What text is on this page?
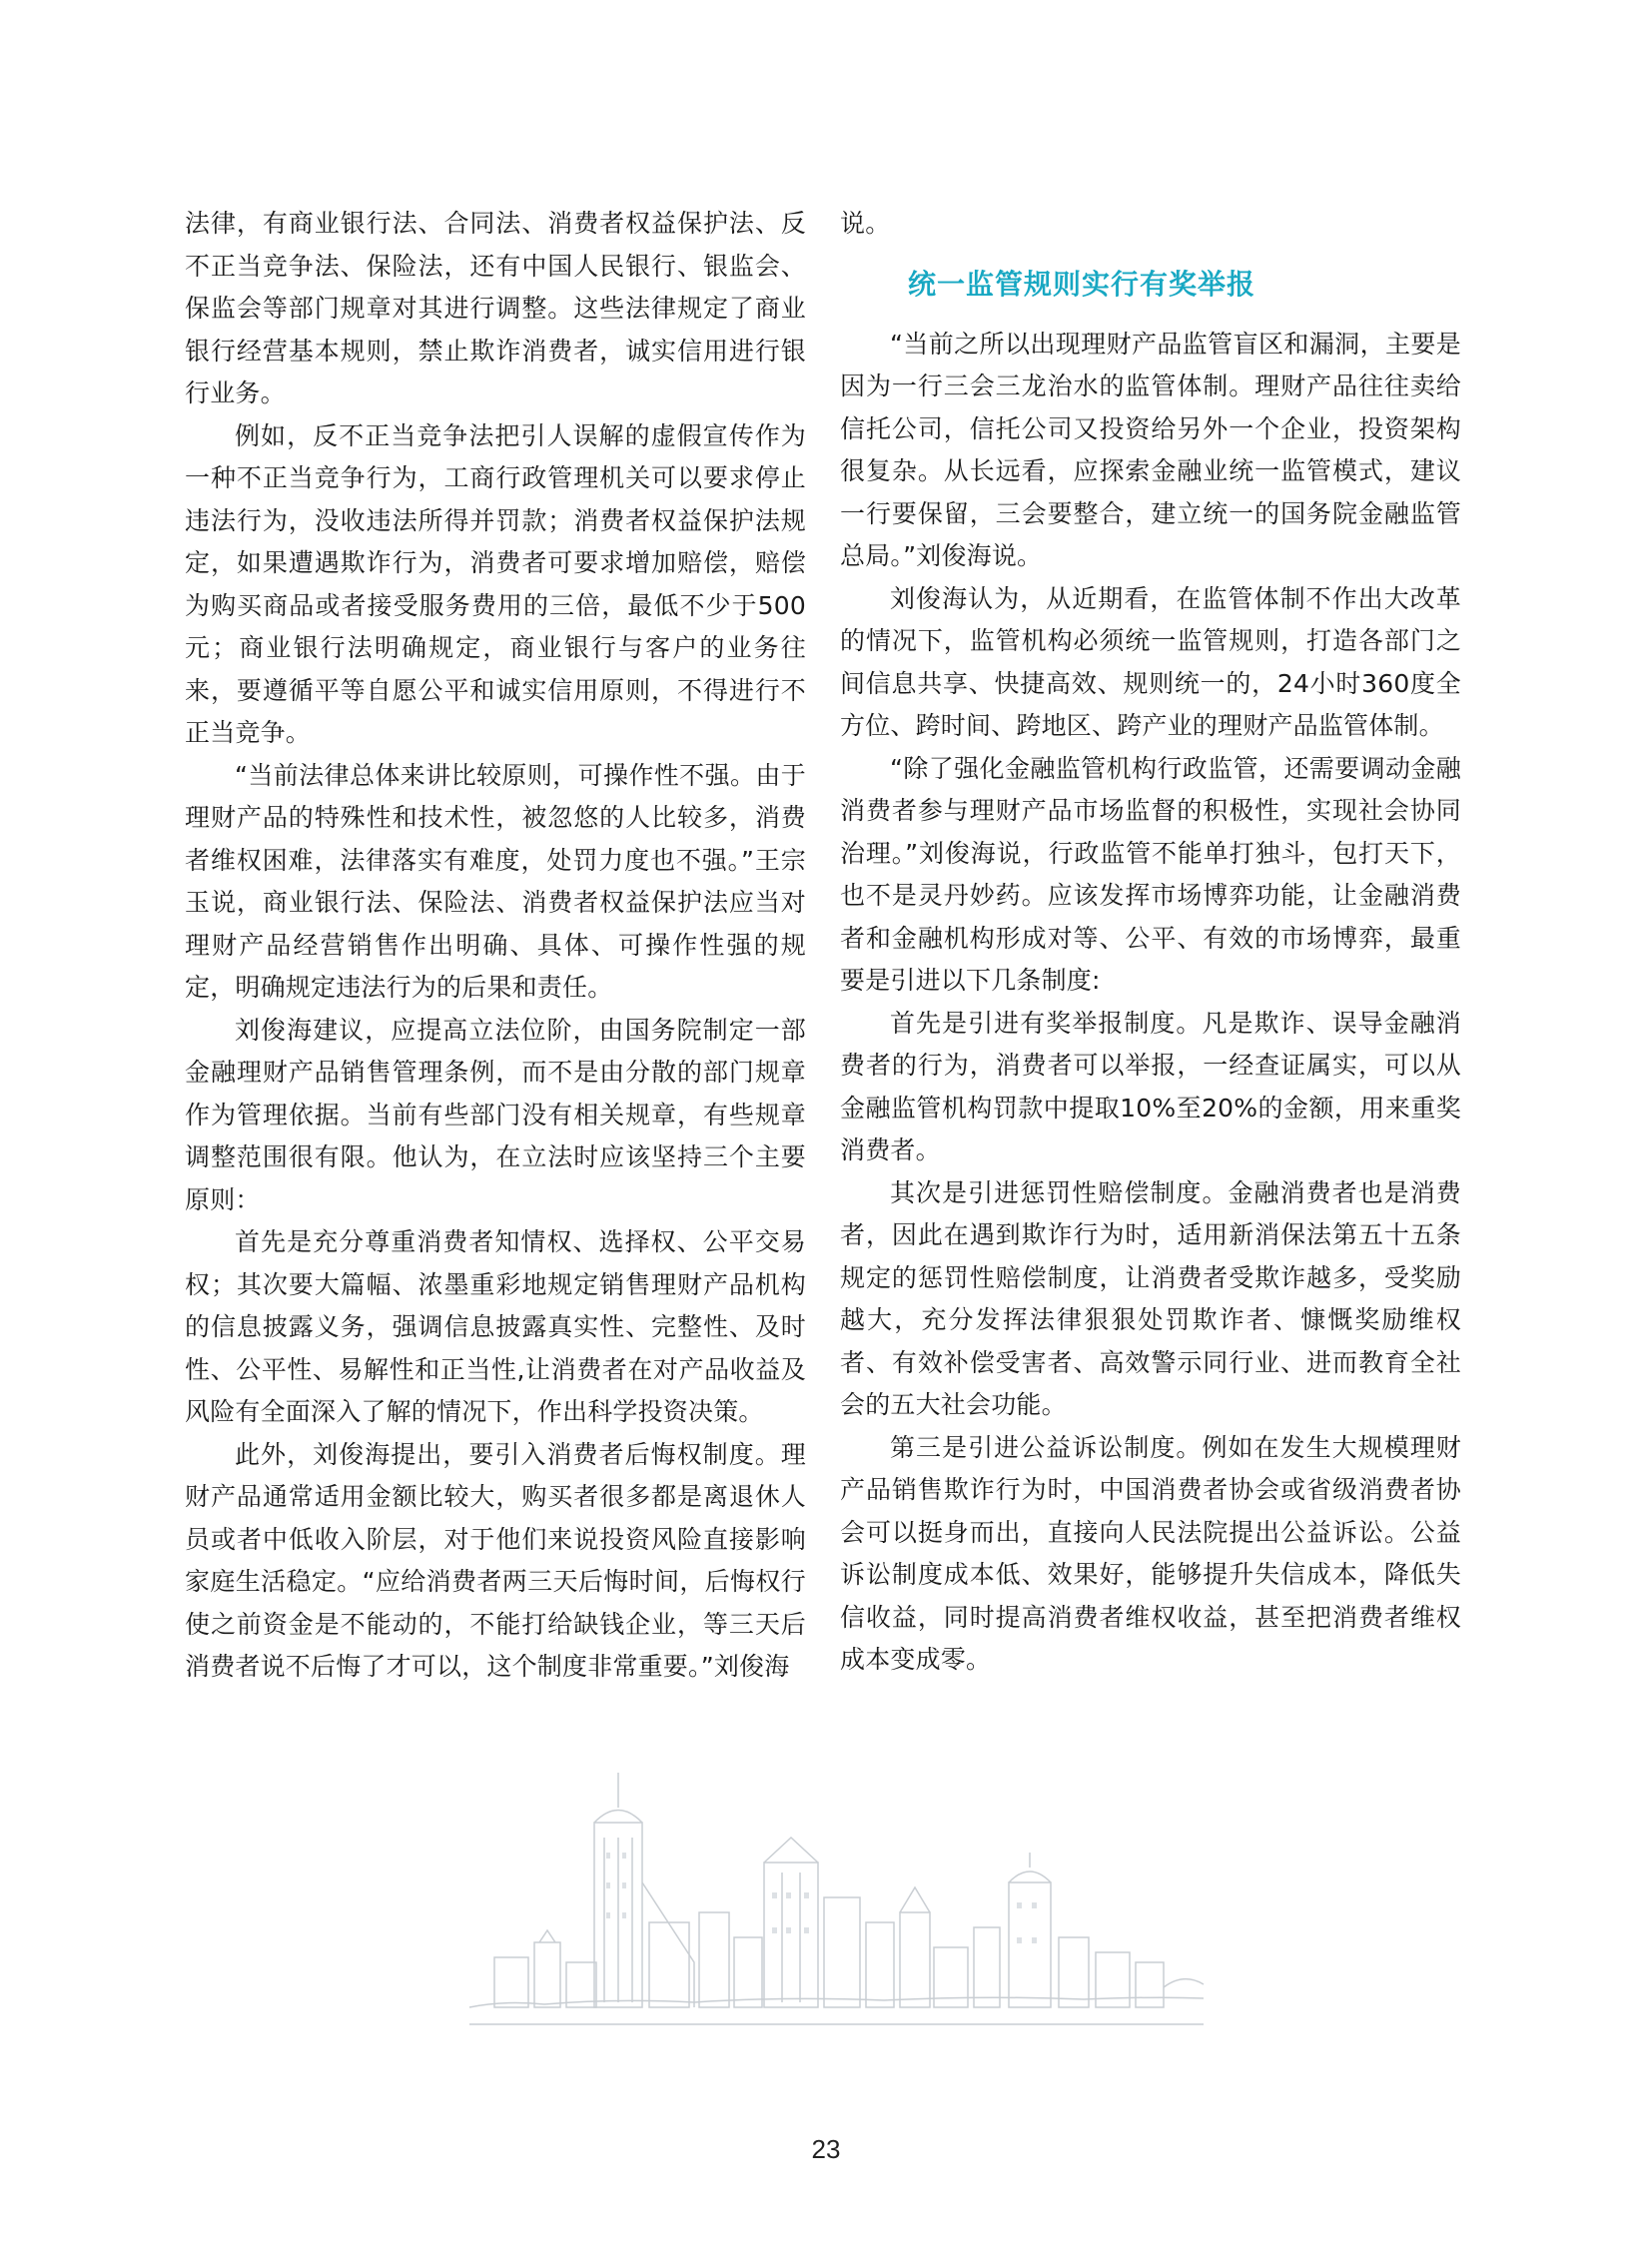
法律，有商业银行法、合同法、消费者权益保护法、反不正当竞争法、保险法，还有中国人民银行、银监会、保监会等部门规章对其进行调整。这些法律规定了商业银行经营基本规则，禁止欺诈消费者，诚实信用进行银行业务。

例如，反不正当竞争法把引人误解的虚假宣传作为一种不正当竞争行为，工商行政管理机关可以要求停止违法行为，没收违法所得并罚款；消费者权益保护法规定，如果遭遇欺诈行为，消费者可要求增加赔偿，赔偿为购买商品或者接受服务费用的三倍，最低不少于500元；商业银行法明确规定，商业银行与客户的业务往来，要遵循平等自愿公平和诚实信用原则，不得进行不正当竞争。

“当前法律总体来讲比较原则，可操作性不强。由于理财产品的特殊性和技术性，被忽悠的人比较多，消费者维权困难，法律落实有难度，处罚力度也不强。”王宗玉说，商业银行法、保险法、消费者权益保护法应当对理财产品经营销售作出明确、具体、可操作性强的规定，明确规定违法行为的后果和责任。

刘俊海建议，应提高立法位阶，由国务院制定一部金融理财产品销售管理条例，而不是由分散的部门规章作为管理依据。当前有些部门没有相关规章，有些规章调整范围很有限。他认为，在立法时应该坚持三个主要原则：

首先是充分尊重消费者知情权、选择权、公平交易权；其次要大篇幅、浓墨重彩地规定销售理财产品机构的信息披露义务，强调信息披露真实性、完整性、及时性、公平性、易解性和正当性,让消费者在对产品收益及风险有全面深入了解的情况下，作出科学投资决策。

此外，刘俊海提出，要引入消费者后悔权制度。理财产品通常适用金额比较大，购买者很多都是离退休人员或者中低收入阶层，对于他们来说投资风险直接影响家庭生活稳定。“应给消费者两三天后悔时间，后悔权行使之前资金是不能动的，不能打给缺钱企业，等三天后消费者说不后悔了才可以，这个制度非常重要。”刘俊海

说。

统一监管规则实行有奖举报

“当前之所以出现理财产品监管盲区和漏洞，主要是因为一行三会三龙治水的监管体制。理财产品往往卖给信托公司，信托公司又投资给另外一个企业，投资架构很复杂。从长远看，应探索金融业统一监管模式，建议一行要保留，三会要整合，建立统一的国务院金融监管总局。”刘俊海说。

刘俊海认为，从近期看，在监管体制不作出大改革的情况下，监管机构必须统一监管规则，打造各部门之间信息共享、快捷高效、规则统一的，24小时360度全方位、跨时间、跨地区、跨产业的理财产品监管体制。

“除了强化金融监管机构行政监管，还需要调动金融消费者参与理财产品市场监督的积极性，实现社会协同治理。”刘俊海说，行政监管不能单打独斗，包打天下，也不是灵丹妙药。应该发挥市场博弈功能，让金融消费者和金融机构形成对等、公平、有效的市场博弈，最重要是引进以下几条制度:

首先是引进有奖举报制度。凡是欺诈、误导金融消费者的行为，消费者可以举报，一经查证属实，可以从金融监管机构罚款中提取10%至20%的金额，用来重奖消费者。

其次是引进惩罚性赔偿制度。金融消费者也是消费者，因此在遇到欺诈行为时，适用新消保法第五十五条规定的惩罚性赔偿制度，让消费者受欺诈越多，受奖励越大，充分发挥法律狠狠处罚欺诈者、慷慨奖励维权者、有效补偿受害者、高效警示同行业、进而教育全社会的五大社会功能。

第三是引进公益诉讼制度。例如在发生大规模理财产品销售欺诈行为时，中国消费者协会或省级消费者协会可以挺身而出，直接向人民法院提出公益诉讼。公益诉讼制度成本低、效果好，能够提升失信成本，降低失信收益，同时提高消费者维权收益，甚至把消费者维权成本变成零。

23
